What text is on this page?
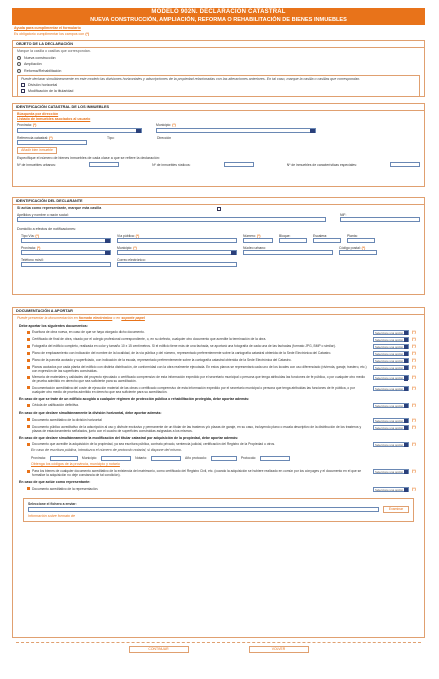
MODELO 902N. DECLARACIÓN CATASTRAL
NUEVA CONSTRUCCIÓN, AMPLIACIÓN, REFORMA O REHABILITACIÓN DE BIENES INMUEBLES
Ayuda para cumplimentar el formulario
Es obligatorio cumplimentar los campos con (*)
OBJETO DE LA DECLARACIÓN
Marque la casilla o casillas que correspondan.
Nueva construcción
Ampliación
Reforma/Rehabilitación
Puede declarar simultáneamente en este modelo las divisiones horizontales y adscripciones de la propiedad relacionadas con las alteraciones anteriores. En tal caso, marque la casilla o casillas que correspondan.
División horizontal
Modificación de la titularidad
IDENTIFICACIÓN CATASTRAL DE LOS INMUEBLES
Búsqueda por dirección
Listado de inmuebles asociados al usuario
Provincia: (*)	Municipio: (*)
Referencia catastral: (*)	Tipo:	Dirección
Añadir bien inmueble
Especifique el número de bienes inmuebles de cada clase a que se refiere la declaración:
Nº de inmuebles urbanos:	Nº de inmuebles rústicos:	Nº de inmuebles de características especiales:
IDENTIFICACIÓN DEL DECLARANTE
Si actúa como representante, marque esta casilla
Apellidos y nombre o razón social:	NIF:
Domicilio a efectos de notificaciones:
Tipo Vía: (*)	Vía pública: (*)	Número: (*)	Bloque:	Escalera:	Planta:
Provincia: (*)	Municipio: (*)	Núcleo urbano:	Código postal: (*)
Teléfono móvil:	Correo electrónico:
DOCUMENTACIÓN A APORTAR
Puede presentar la documentación en
formato electrónico
o en
soporte papel
Debe aportar los siguientes documentos:
Escritura de obra nueva, en caso de que se haya otorgado dicho documento.	Seleccione una opción	(*)
Certificado de final de obra, visado por el colegio profesional correspondiente, o, en su defecto, cualquier otro documento que acredite la terminación de la obra.	Seleccione una opción	(*)
Fotografía del edificio completo, realizada en color y tamaño 10 x 15 centímetros. Si el edificio tiene más de una fachada, se aportará una fotografía de cada una de las fachadas (formato JPG, BMP o similar).	Seleccione una opción	(*)
Plano de emplazamiento con indicación del nombre de la localidad, de la vía pública y del número, representado preferentemente sobre la cartografía catastral obtenida de la Sede Electrónica del Catastro.	Seleccione una opción	(*)
Plano de la parcela acotado y superficiado, con indicación de la escala, representado preferentemente sobre la cartografía catastral obtenida de la Sede Electrónica del Catastro.	Seleccione una opción	(*)
Planos acotados por cada planta del edificio con distinta distribución, de conformidad con la obra realmente ejecutada. En estos planos se representará cada uno de los locales con uso diferenciado (vivienda, garaje, trastero, etc.) con expresión de las superficies construidas.
Seleccione una opción	(*)
Memoria de materiales y calidades del proyecto ejecutado o certificado comprensivo de esta información expedido por el secretario municipal o persona que tenga atribuidas las funciones de fe pública, o por cualquier otro medio de prueba admitido en derecho que sea suficiente para su acreditación.
Seleccione una opción	(*)
Documentación acreditativa del coste de ejecución material de las obras o certificado comprensivo de esta información expedido por el secretario municipal o persona que tenga atribuidas las funciones de fe pública, o por cualquier otro medio de prueba admitido en derecho que sea suficiente para su acreditación.
Seleccione una opción	(*)
En caso de que se trate de un edificio acogido a cualquier régimen de protección pública o rehabilitación protegida, debe aportar además:
Cédula de calificación definitiva.	Seleccione una opción	(*)
En caso de que declare simultáneamente la división horizontal, debe aportar además:
Documento acreditativo de la división horizontal	Seleccione una opción	(*)
Documento público acreditativo de la adscripción al uso y disfrute exclusivo y permanente de un titular de las trasteros y/o plazas de garaje, en su caso, incluyendo plano o escala descriptivo de la distribución de los trasteros y plazas de estacionamiento señalados, junto con el cuadro de superficies construidas asignadas a los mismos.
Seleccione una opción	(*)
En caso de que declare simultáneamente la modificación del titular catastral por adquisición de la propiedad, debe aportar además:
Documento que acredite la adquisición de la propiedad, ya sea escritura pública, contrato privado, sentencia judicial, certificación del Registro de la Propiedad u otros.	Seleccione una opción	(*)
En caso de escritura pública, introduzca el número de protocolo notarial, si dispone del mismo.
Provincia:	Municipio:	Notario:	Año protocolo:	Protocolo:
Obtenga los códigos de la provincia, municipio y notario
Para los bienes de cualquier documento acreditativo de la existencia del matrimonio, como certificado del Registro Civil, etc. (cuando la adquisición se hubiere realizado en común por los cónyuges y el documento en el que se formalice la adquisición no deje constancia de tal condición).
Seleccione una opción	(*)
En caso de que actúe como representante:
Documento acreditativo de la representación.	Seleccione una opción	(*)
Seleccione el fichero a enviar:
Examinar
Información sobre formato de
CONTINUAR	VOLVER
